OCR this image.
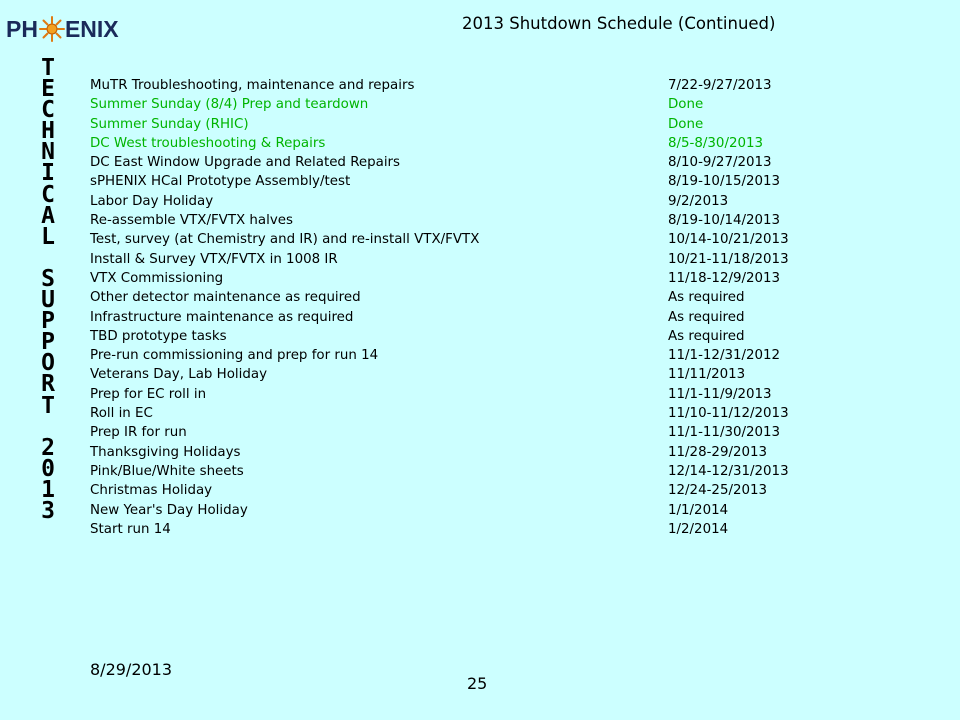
PH ENIX	2013 Shutdown Schedule (Continued)
T
E
C
H
N
I
C
A
L
S
U
P
P
O
R
T
2
0
1
3
MuTR Troubleshooting, maintenance and repairs	7/22-9/27/2013
Summer Sunday (8/4) Prep and teardown	Done
Summer Sunday (RHIC)	Done
DC West troubleshooting & Repairs	8/5-8/30/2013
DC East Window Upgrade and Related Repairs	8/10-9/27/2013
sPHENIX HCal Prototype Assembly/test	8/19-10/15/2013
Labor Day Holiday	9/2/2013
Re-assemble VTX/FVTX halves	8/19-10/14/2013
Test, survey (at Chemistry and IR) and re-install VTX/FVTX	10/14-10/21/2013
Install & Survey VTX/FVTX in 1008 IR	10/21-11/18/2013
VTX Commissioning	11/18-12/9/2013
Other detector maintenance as required	As required
Infrastructure maintenance as required	As required
TBD prototype tasks	As required
Pre-run commissioning and prep for run 14	11/1-12/31/2012
Veterans Day, Lab Holiday	11/11/2013
Prep for EC roll in	11/1-11/9/2013
Roll in EC	11/10-11/12/2013
Prep IR for run	11/1-11/30/2013
Thanksgiving Holidays	11/28-29/2013
Pink/Blue/White sheets	12/14-12/31/2013
Christmas Holiday	12/24-25/2013
New Year's Day Holiday	1/1/2014
Start run 14	1/2/2014
8/29/2013
25
